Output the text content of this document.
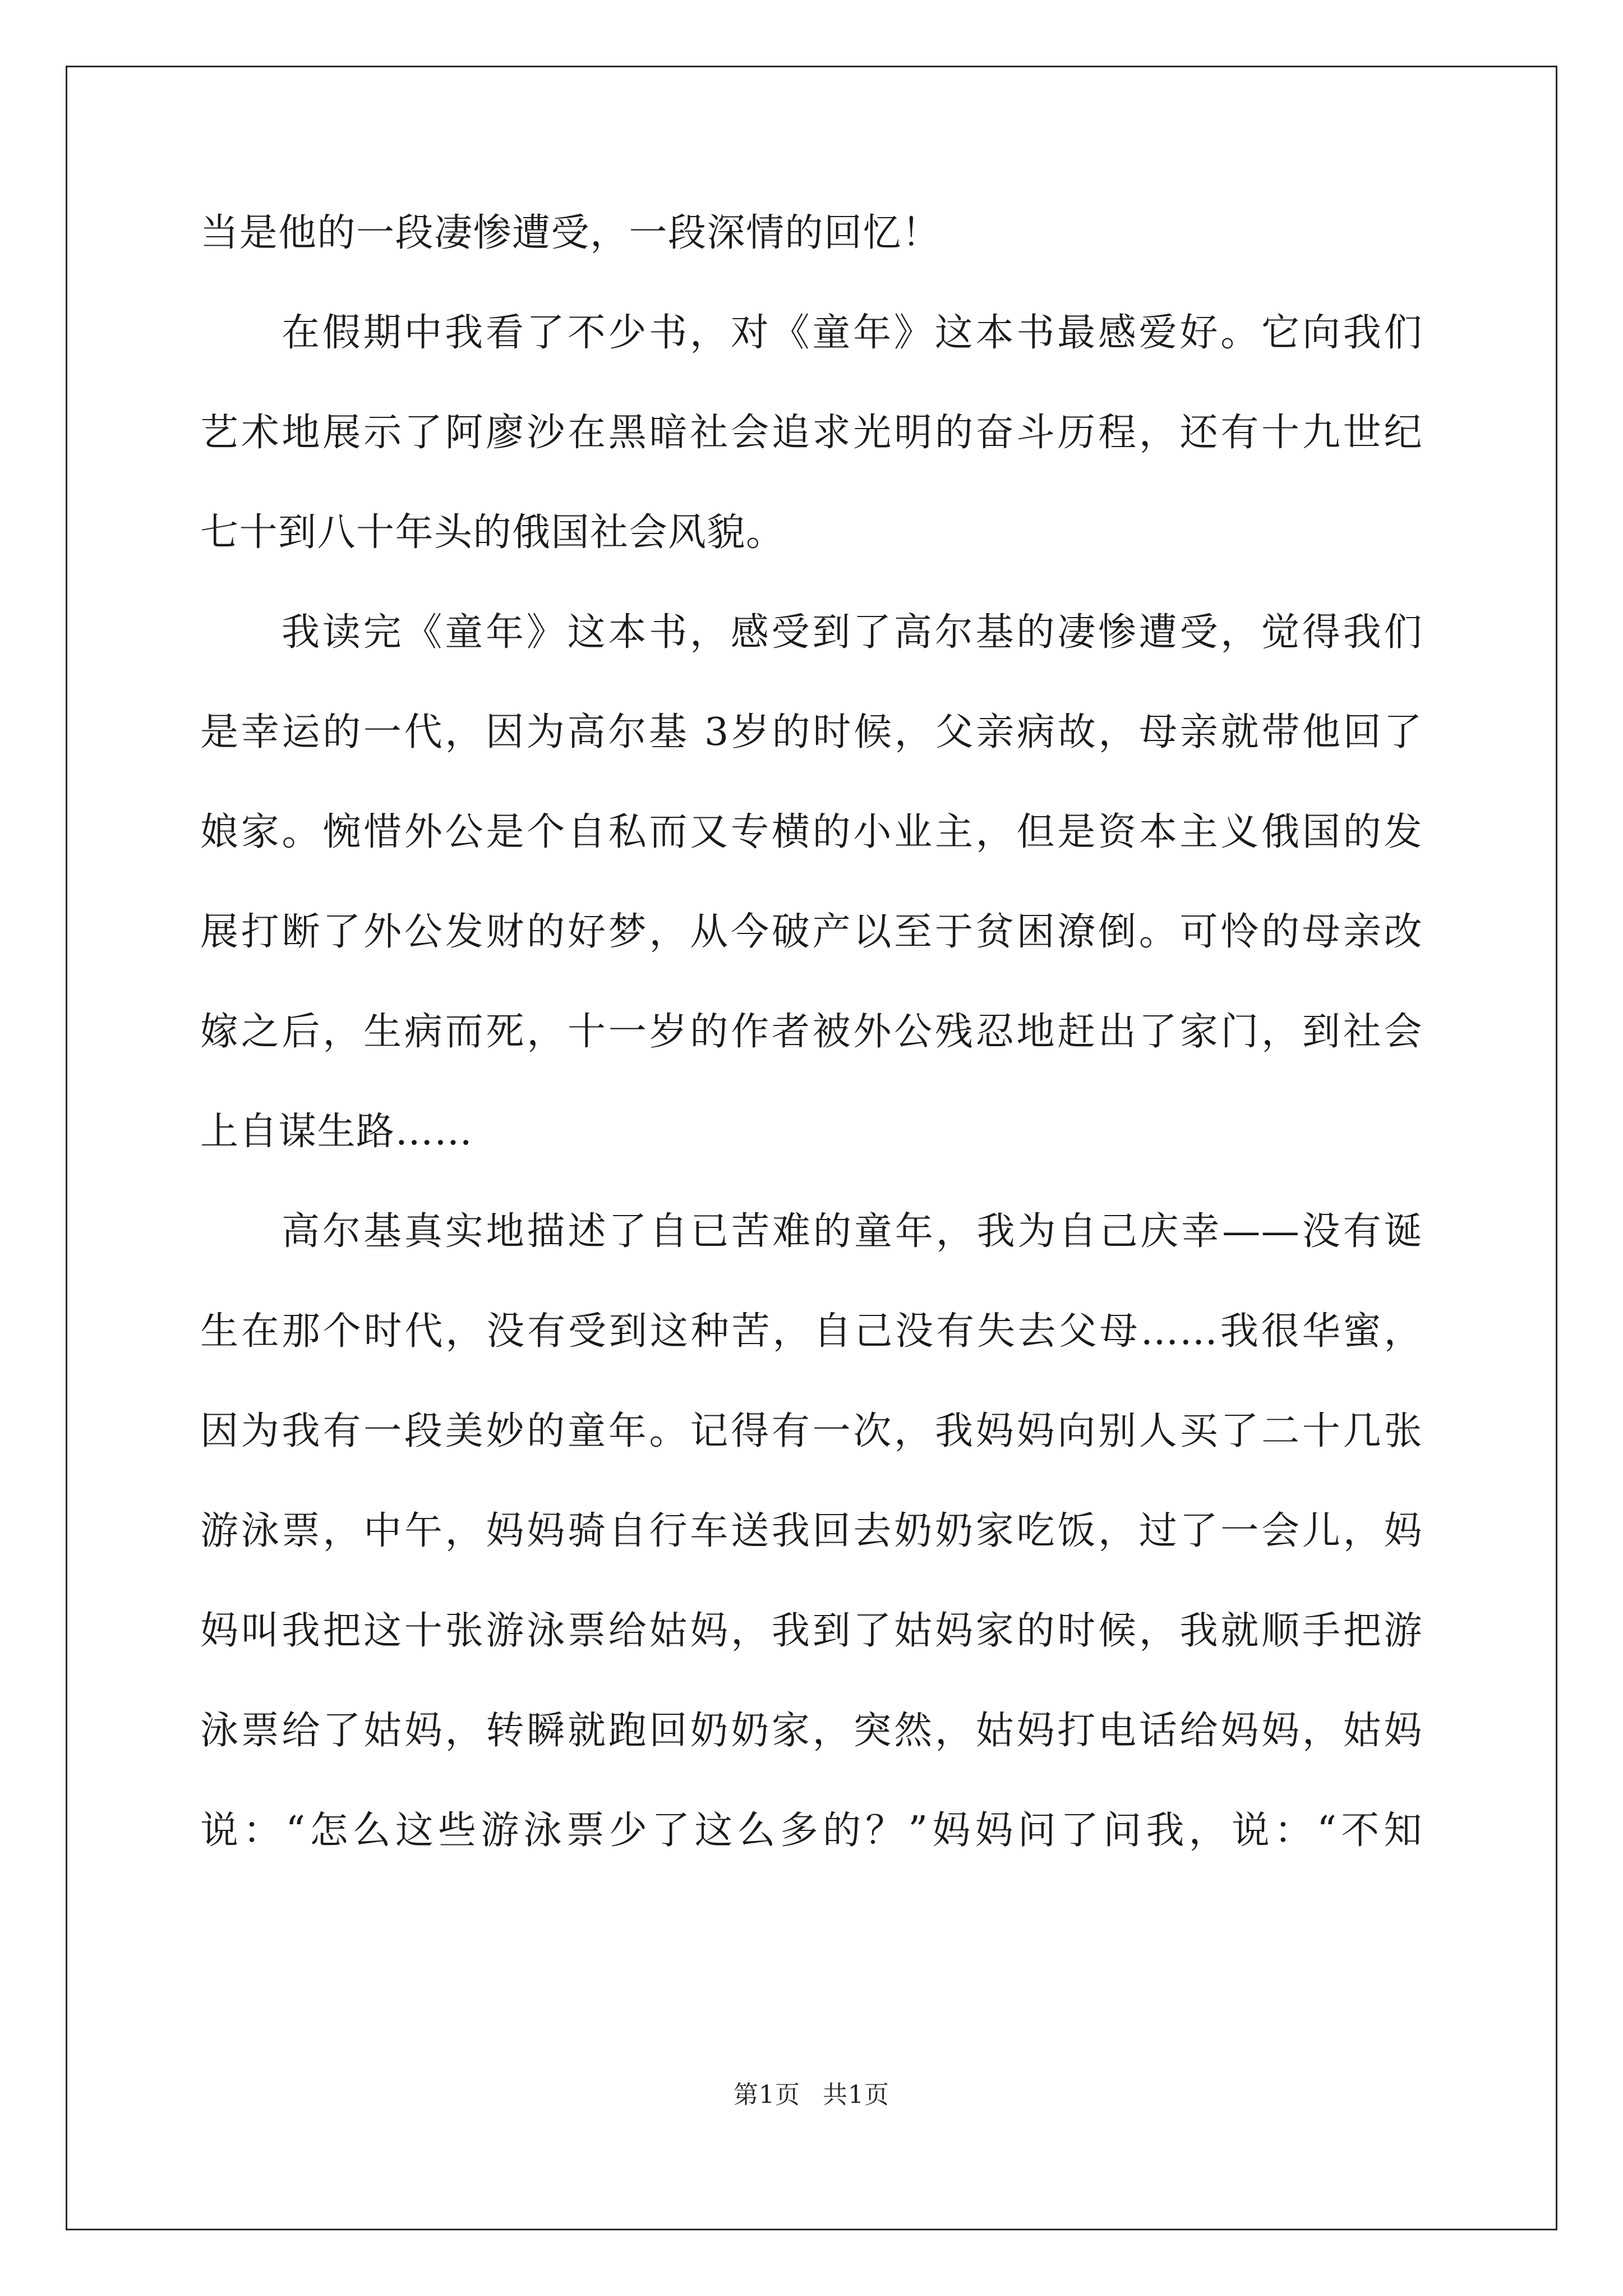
当是他的一段凄惨遭受，一段深情的回忆！
在假期中我看了不少书，对《童年》这本书最感爱好。它向我们
艺术地展示了阿廖沙在黑暗社会追求光明的奋斗历程，还有十九世纪
七十到八十年头的俄国社会风貌。
我读完《童年》这本书，感受到了高尔基的凄惨遭受，觉得我们
是幸运的一代，因为高尔基 3岁的时候，父亲病故，母亲就带他回了
娘家。惋惜外公是个自私而又专横的小业主，但是资本主义俄国的发
展打断了外公发财的好梦，从今破产以至于贫困潦倒。可怜的母亲改
嫁之后，生病而死，十一岁的作者被外公残忍地赶出了家门，到社会
上自谋生路……
高尔基真实地描述了自已苦难的童年，我为自己庆幸——没有诞
生在那个时代，没有受到这种苦，自己没有失去父母……我很华蜜，
因为我有一段美妙的童年。记得有一次，我妈妈向别人买了二十几张
游泳票，中午，妈妈骑自行车送我回去奶奶家吃饭，过了一会儿，妈
妈叫我把这十张游泳票给姑妈，我到了姑妈家的时候，我就顺手把游
泳票给了姑妈，转瞬就跑回奶奶家，突然，姑妈打电话给妈妈，姑妈
说：“怎么这些游泳票少了这么多的？”妈妈问了问我，说：“不知
第1页 共1页
